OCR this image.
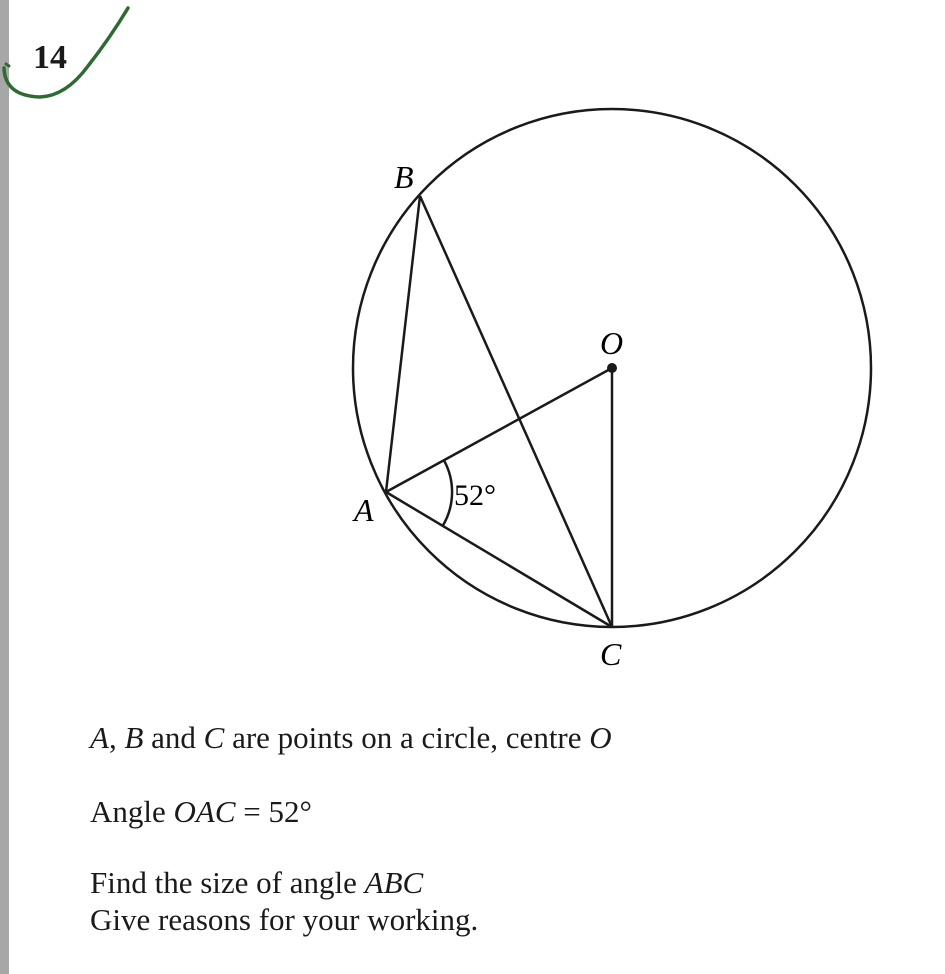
14
B
O
A
C
52°
A, B and C are points on a circle, centre O
Angle OAC = 52°
Find the size of angle ABC
Give reasons for your working.
